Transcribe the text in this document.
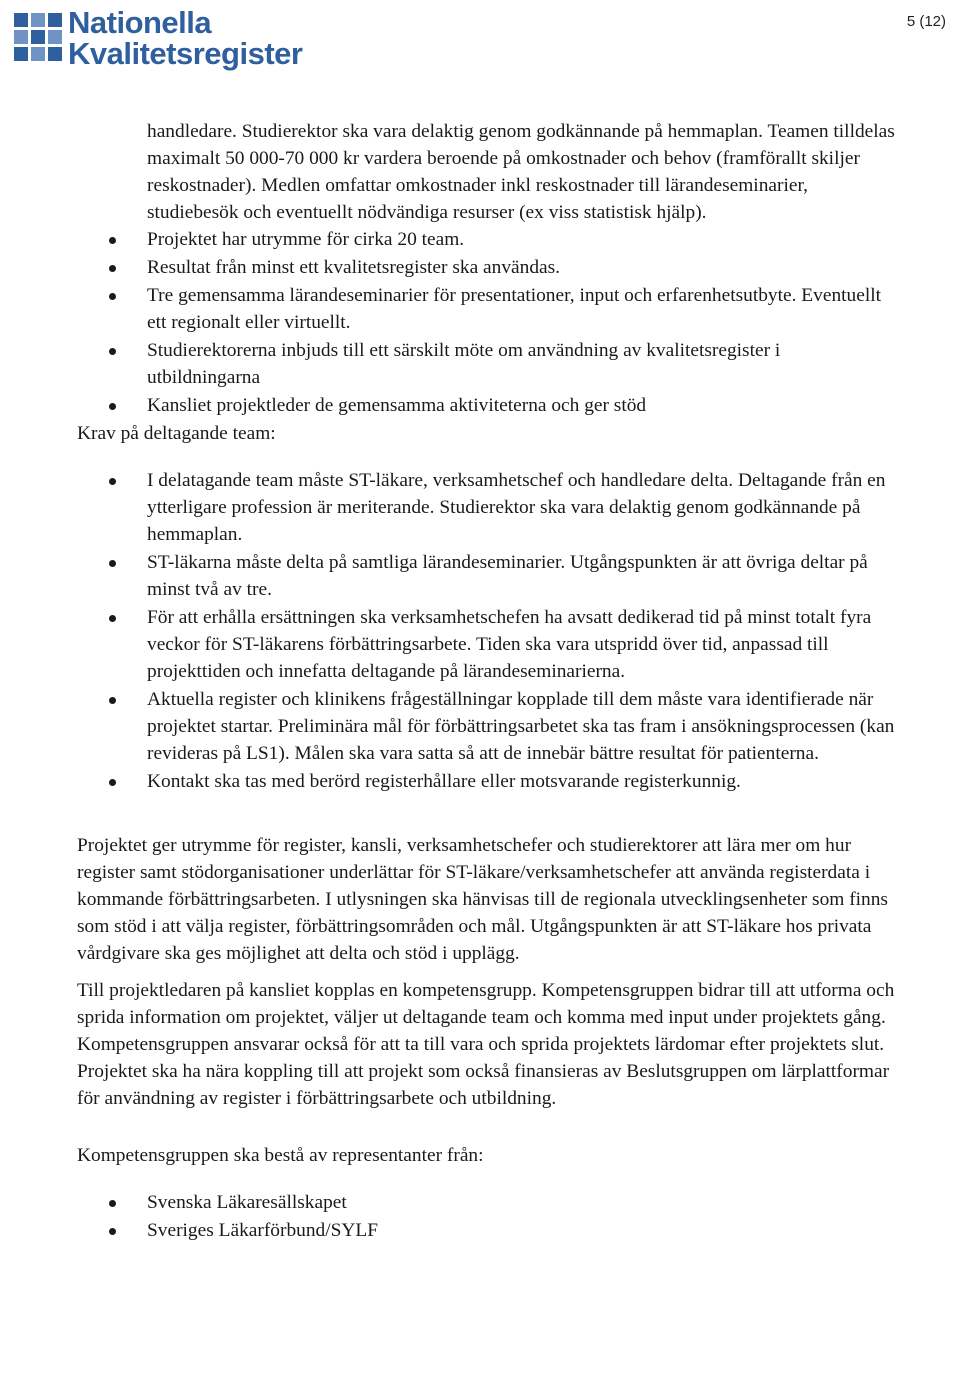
Nationella
Kvalitetsregister
5 (12)

handledare. Studierektor ska vara delaktig genom godkännande på hemmaplan. Teamen tilldelas maximalt 50 000-70 000 kr vardera beroende på omkostnader och behov (framförallt skiljer reskostnader). Medlen omfattar omkostnader inkl reskostnader till lärandeseminarier, studiebesök och eventuellt nödvändiga resurser (ex viss statistisk hjälp).

Projektet har utrymme för cirka 20 team.
Resultat från minst ett kvalitetsregister ska användas.
Tre gemensamma lärandeseminarier för presentationer, input och erfarenhetsutbyte. Eventuellt ett regionalt eller virtuellt.
Studierektorerna inbjuds till ett särskilt möte om användning av kvalitetsregister i utbildningarna
Kansliet projektleder de gemensamma aktiviteterna och ger stöd

Krav på deltagande team:

I delatagande team måste ST-läkare, verksamhetschef och handledare delta. Deltagande från en ytterligare profession är meriterande. Studierektor ska vara delaktig genom godkännande på hemmaplan.
ST-läkarna måste delta på samtliga lärandeseminarier. Utgångspunkten är att övriga deltar på minst två av tre.
För att erhålla ersättningen ska verksamhetschefen ha avsatt dedikerad tid på minst totalt fyra veckor för ST-läkarens förbättringsarbete. Tiden ska vara utspridd över tid, anpassad till projekttiden och innefatta deltagande på lärandeseminarierna.
Aktuella register och klinikens frågeställningar kopplade till dem måste vara identifierade när projektet startar. Preliminära mål för förbättringsarbetet ska tas fram i ansökningsprocessen (kan revideras på LS1). Målen ska vara satta så att de innebär bättre resultat för patienterna.
Kontakt ska tas med berörd registerhållare eller motsvarande registerkunnig.

Projektet ger utrymme för register, kansli, verksamhetschefer och studierektorer att lära mer om hur register samt stödorganisationer underlättar för ST-läkare/verksamhetschefer att använda registerdata i kommande förbättringsarbeten. I utlysningen ska hänvisas till de regionala utvecklingsenheter som finns som stöd i att välja register, förbättringsområden och mål. Utgångspunkten är att ST-läkare hos privata vårdgivare ska ges möjlighet att delta och stöd i upplägg.

Till projektledaren på kansliet kopplas en kompetensgrupp. Kompetensgruppen bidrar till att utforma och sprida information om projektet, väljer ut deltagande team och komma med input under projektets gång. Kompetensgruppen ansvarar också för att ta till vara och sprida projektets lärdomar efter projektets slut. Projektet ska ha nära koppling till att projekt som också finansieras av Beslutsgruppen om lärplattformar för användning av register i förbättringsarbete och utbildning.

Kompetensgruppen ska bestå av representanter från:

Svenska Läkaresällskapet
Sveriges Läkarförbund/SYLF
